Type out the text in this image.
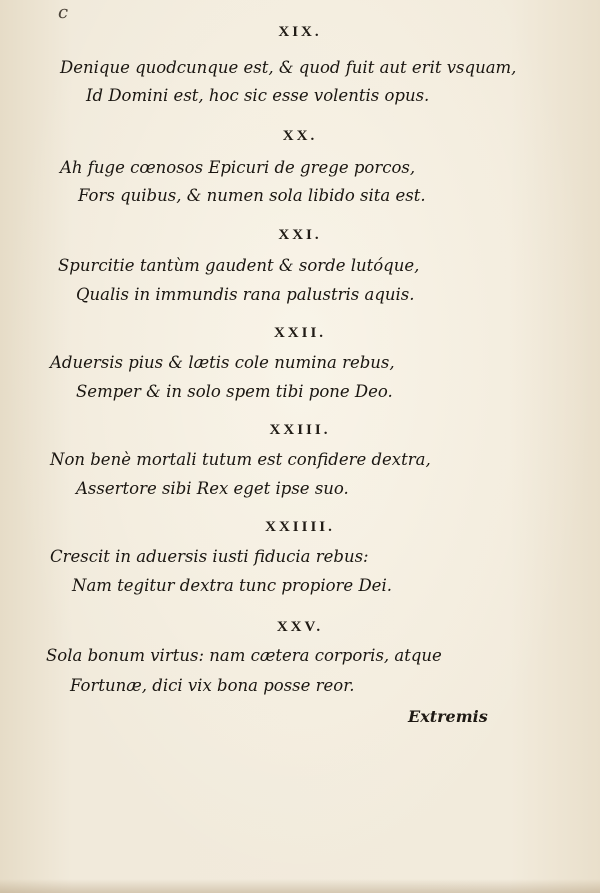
c
XIX.
Denique quodcunque est, & quod fuit aut erit vsquam,
Id Domini est, hoc sic esse volentis opus.
XX.
Ah fuge cœnosos Epicuri de grege porcos,
Fors quibus, & numen sola libido sita est.
XXI.
Spurcitie tantùm gaudent & sorde lutóque,
Qualis in immundis rana palustris aquis.
XXII.
Aduersis pius & lætis cole numina rebus,
Semper & in solo spem tibi pone Deo.
XXIII.
Non benè mortali tutum est confidere dextra,
Assertore sibi Rex eget ipse suo.
XXIIII.
Crescit in aduersis iusti fiducia rebus:
Nam tegitur dextra tunc propiore Dei.
XXV.
Sola bonum virtus: nam cætera corporis, atque
Fortunæ, dici vix bona posse reor.
Extremis
